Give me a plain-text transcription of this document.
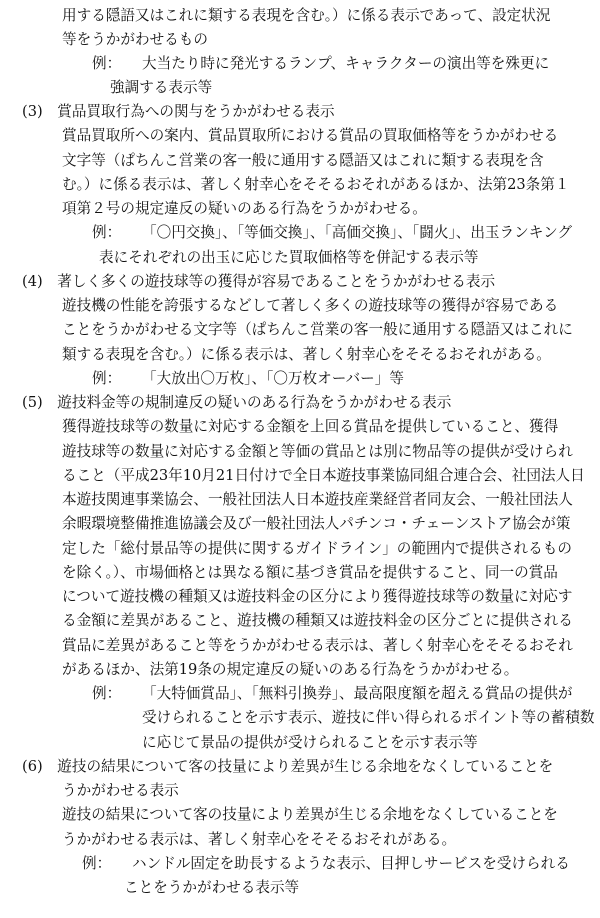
用する隠語又はこれに類する表現を含む。）に係る表示であって、設定状況
等をうかがわせるもの
例： 大当たり時に発光するランプ、キャラクターの演出等を殊更に
強調する表示等
(3)　賞品買取行為への関与をうかがわせる表示
賞品買取所への案内、賞品買取所における賞品の買取価格等をうかがわせる
文字等（ぱちんこ営業の客一般に通用する隠語又はこれに類する表現を含
む。）に係る表示は、著しく射幸心をそそるおそれがあるほか、法第23条第１
項第２号の規定違反の疑いのある行為をうかがわせる。
例： 「〇円交換」、「等価交換」、「高価交換」、「闘火」、出玉ランキング
表にそれぞれの出玉に応じた買取価格等を併記する表示等
(4)　著しく多くの遊技球等の獲得が容易であることをうかがわせる表示
遊技機の性能を誇張するなどして著しく多くの遊技球等の獲得が容易である
ことをうかがわせる文字等（ぱちんこ営業の客一般に通用する隠語又はこれに
類する表現を含む。）に係る表示は、著しく射幸心をそそるおそれがある。
例： 「大放出〇万枚」、「〇万枚オーバー」等
(5)　遊技料金等の規制違反の疑いのある行為をうかがわせる表示
獲得遊技球等の数量に対応する金額を上回る賞品を提供していること、獲得
遊技球等の数量に対応する金額と等価の賞品とは別に物品等の提供が受けられ
ること（平成23年10月21日付けで全日本遊技事業協同組合連合会、社団法人日
本遊技関連事業協会、一般社団法人日本遊技産業経営者同友会、一般社団法人
余暇環境整備推進協議会及び一般社団法人パチンコ・チェーンストア協会が策
定した「総付景品等の提供に関するガイドライン」の範囲内で提供されるもの
を除く。）、市場価格とは異なる額に基づき賞品を提供すること、同一の賞品
について遊技機の種類又は遊技料金の区分により獲得遊技球等の数量に対応す
る金額に差異があること、遊技機の種類又は遊技料金の区分ごとに提供される
賞品に差異があること等をうかがわせる表示は、著しく射幸心をそそるおそれ
があるほか、法第19条の規定違反の疑いのある行為をうかがわせる。
例： 「大特価賞品」、「無料引換券」、最高限度額を超える賞品の提供が
受けられることを示す表示、遊技に伴い得られるポイント等の蓄積数
に応じて景品の提供が受けられることを示す表示等
(6)　遊技の結果について客の技量により差異が生じる余地をなくしていることを
うかがわせる表示
遊技の結果について客の技量により差異が生じる余地をなくしていることを
うかがわせる表示は、著しく射幸心をそそるおそれがある。
例： ハンドル固定を助長するような表示、目押しサービスを受けられる
ことをうかがわせる表示等
